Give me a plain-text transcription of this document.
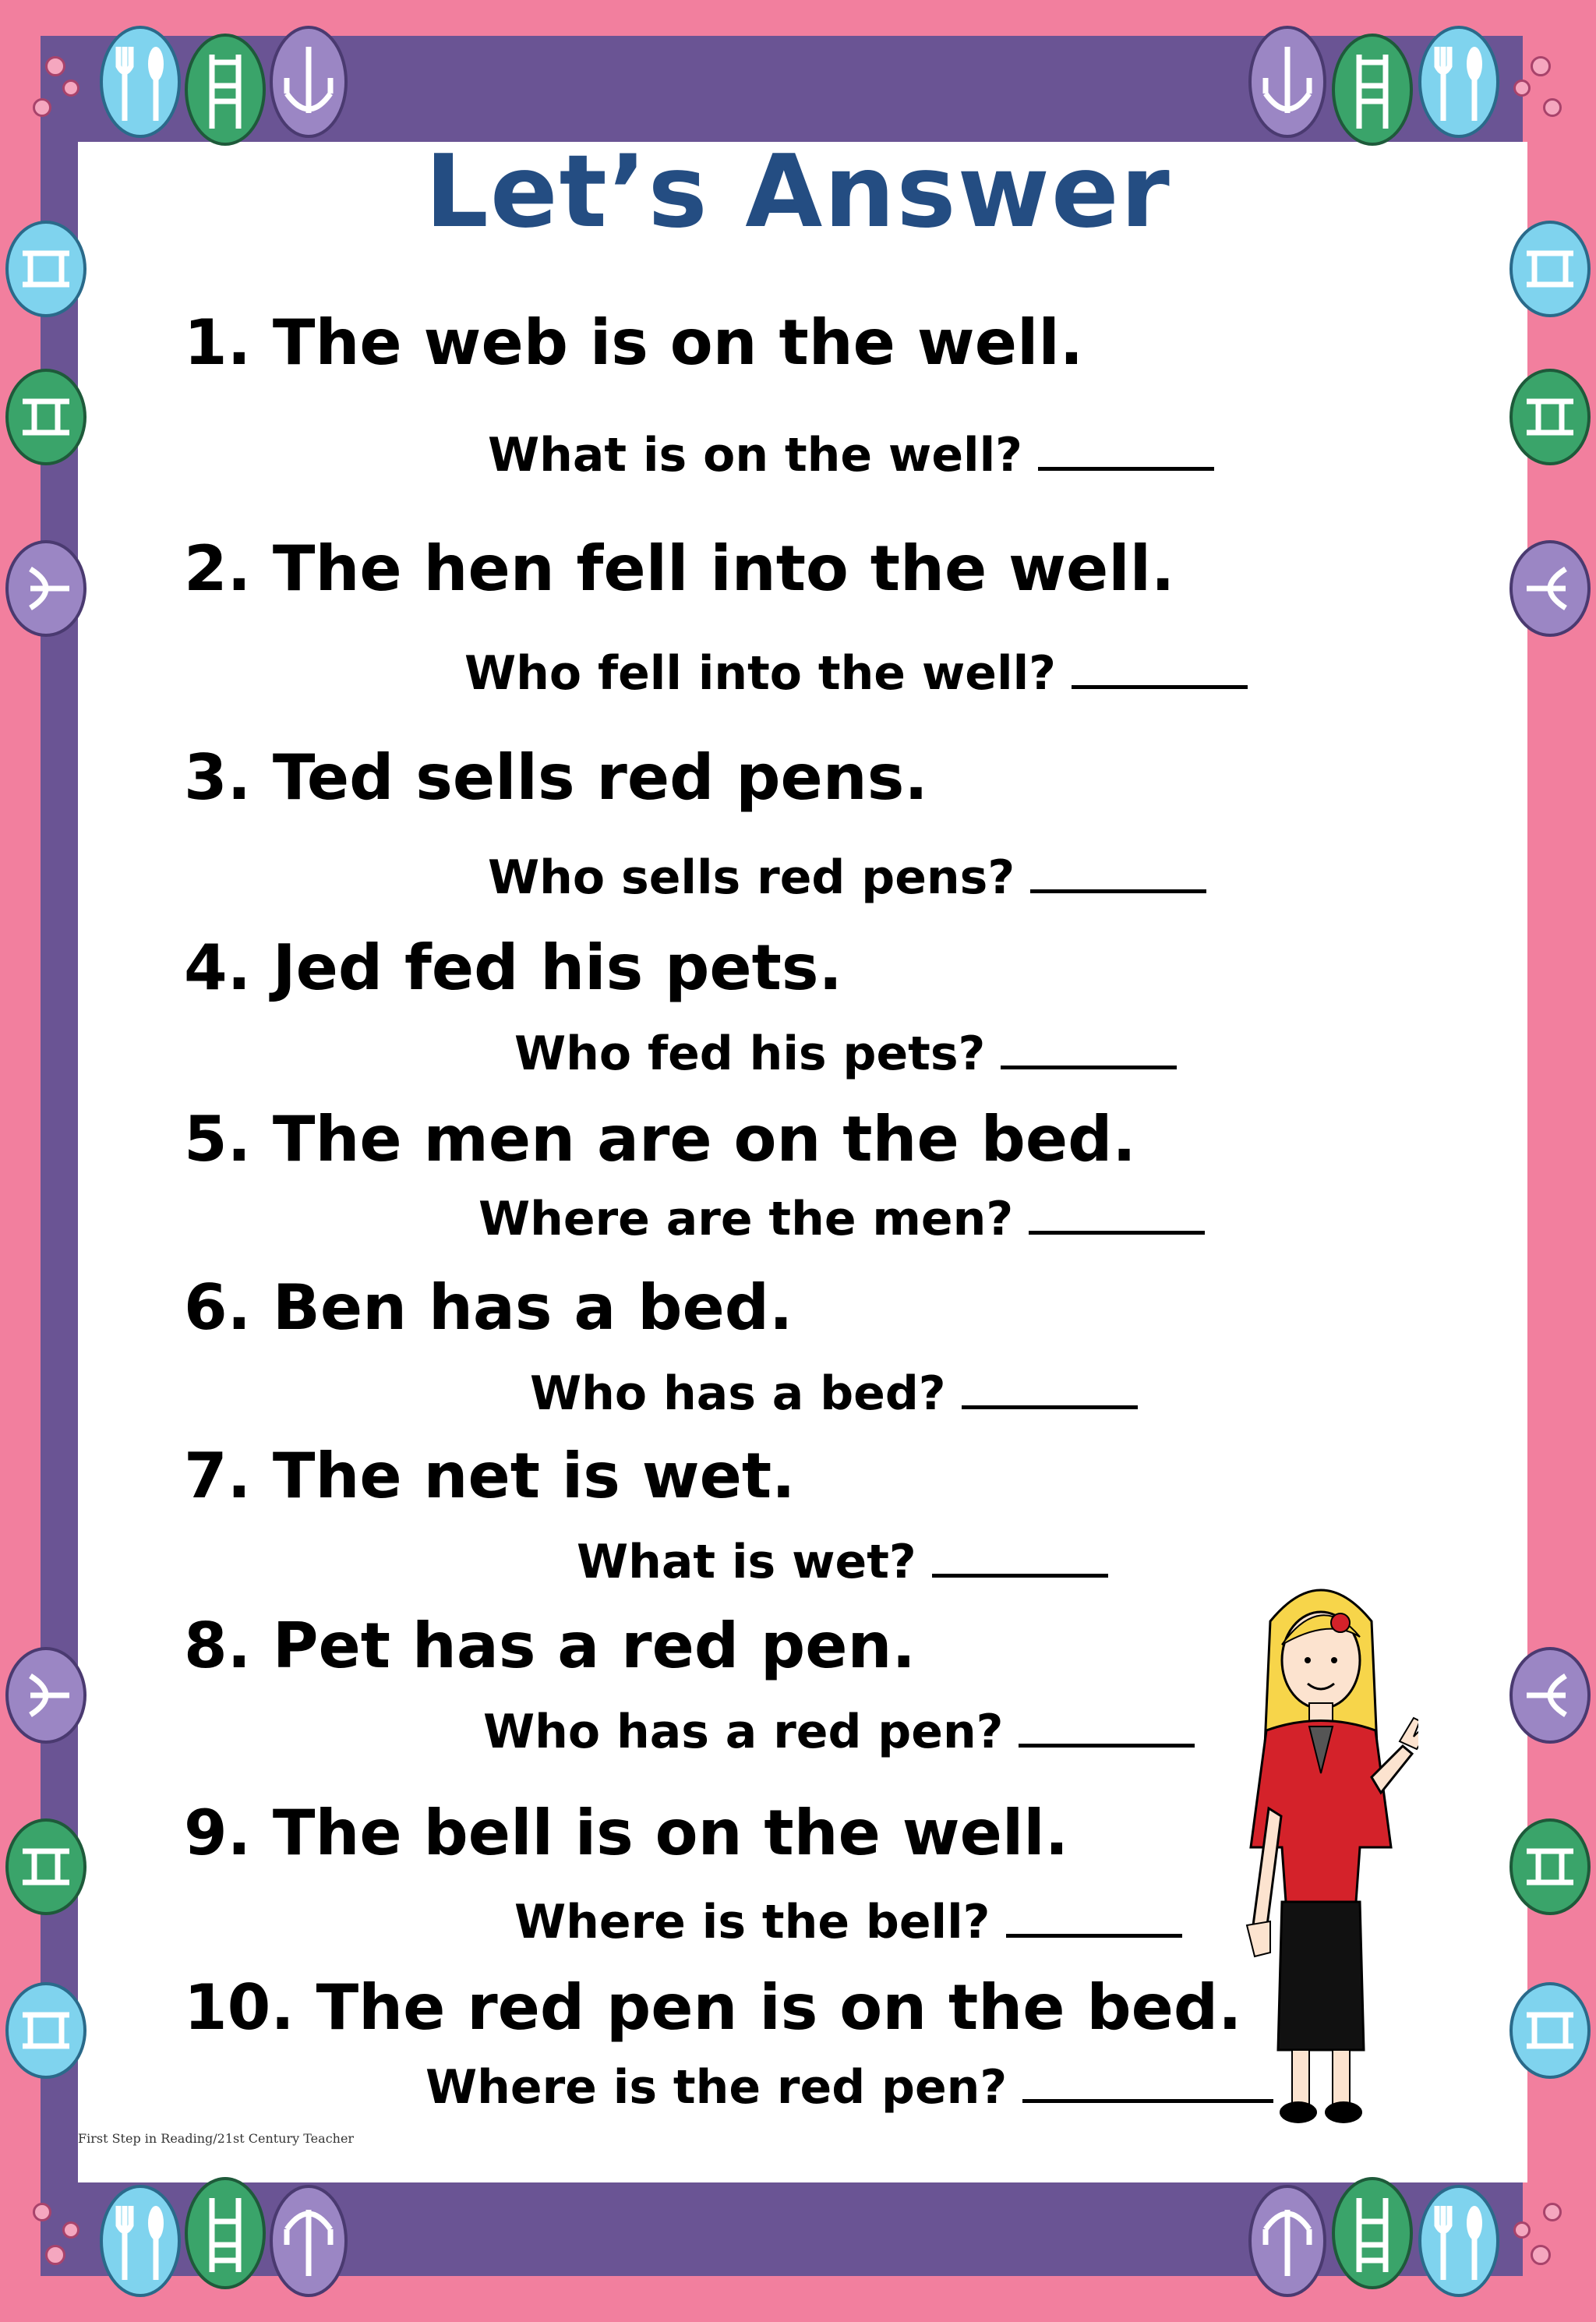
Let’s Answer

1. The web is on the well.

What is on the well?

2. The hen fell into the well.

Who fell into the well?

3. Ted sells red pens.

Who sells red pens?

4. Jed fed his pets.

Who fed his pets?

5. The men are on the bed.

Where are the men?

6. Ben has a bed.

Who has a bed?

7. The net is wet.

What is wet?

8. Pet has a red pen.

Who has a red pen?

9. The bell is on the well.

Where is the bell?

10. The red pen is on the bed.

Where is the red pen?

First Step in Reading/21st Century Teacher
